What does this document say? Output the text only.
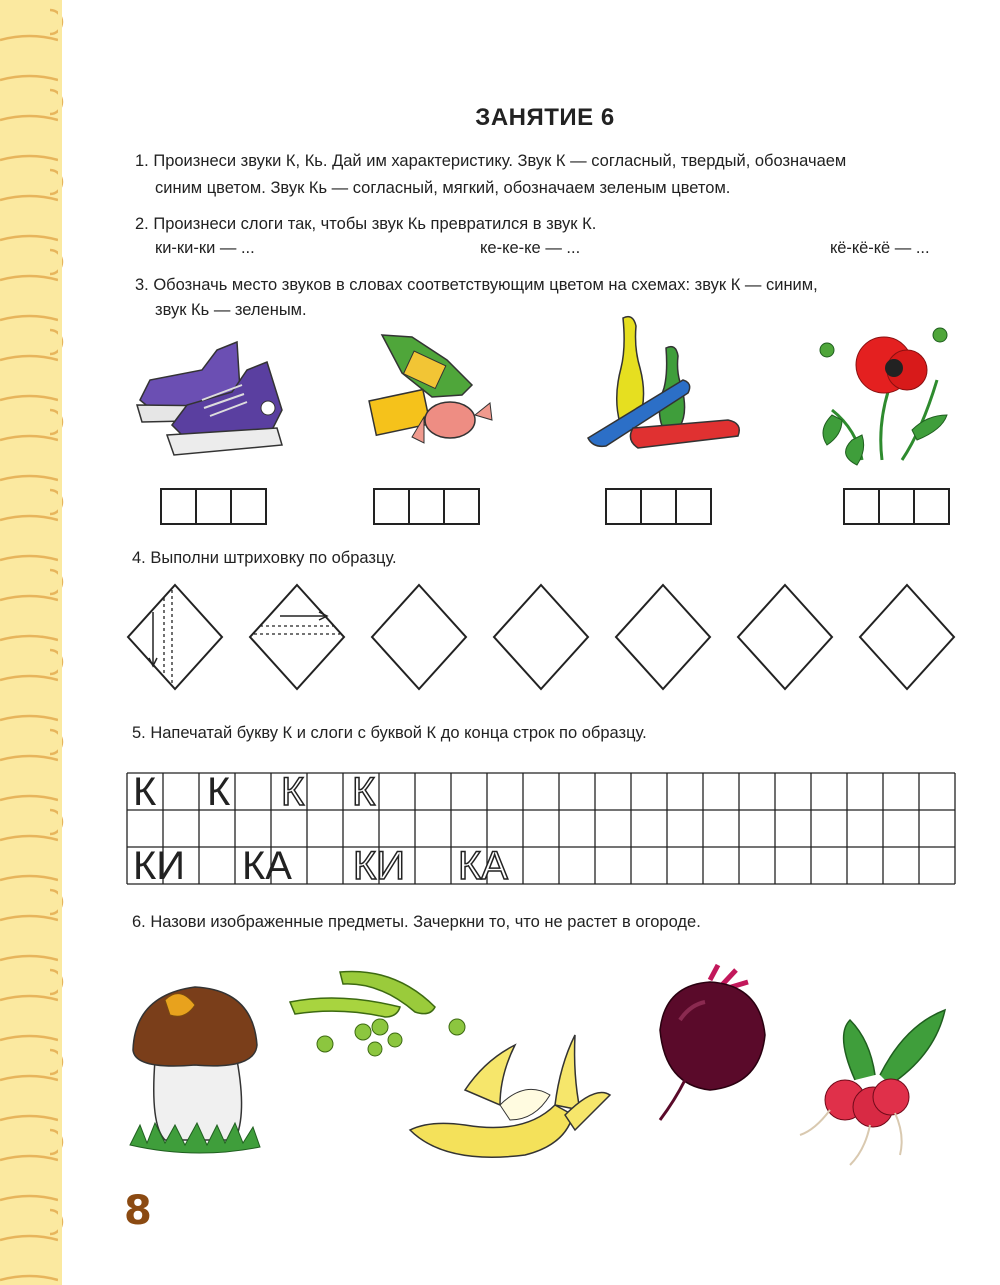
ЗАНЯТИЕ 6
1. Произнеси звуки К, Кь. Дай им характеристику. Звук К — согласный, твердый, обозначаем
синим цветом. Звук Кь — согласный, мягкий, обозначаем зеленым цветом.
2. Произнеси слоги так, чтобы звук Кь превратился в звук К.
ки-ки-ки — ...	ке-ке-ке — ...	кё-кё-кё — ...
3. Обозначь место звуков в словах соответствующим цветом на схемах: звук К — синим,
звук Кь — зеленым.
4. Выполни штриховку по образцу.
5. Напечатай букву К и слоги с буквой К до конца строк по образцу.
К К К К
КИ КА КИ КА
6. Назови изображенные предметы. Зачеркни то, что не растет в огороде.
8
